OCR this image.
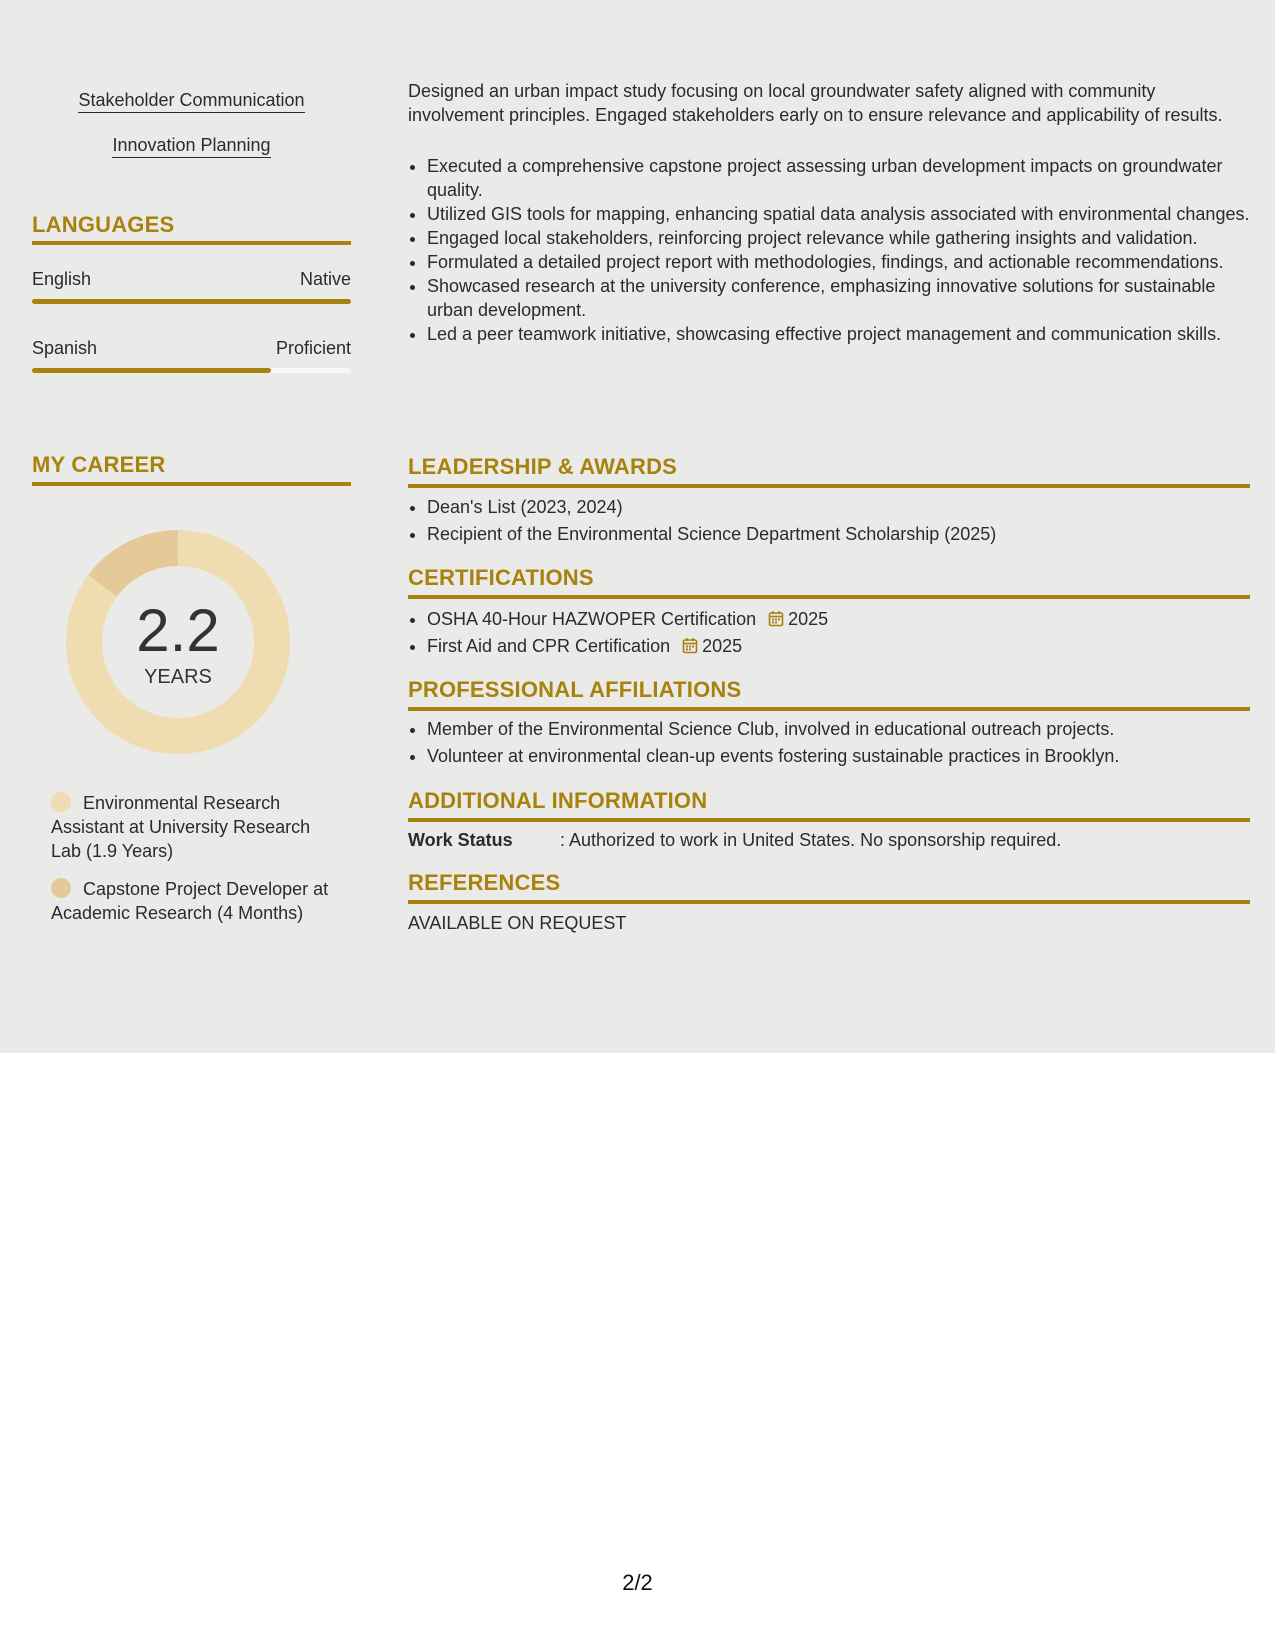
Stakeholder Communication
Innovation Planning
LANGUAGES
English	Native
Spanish	Proficient
MY CAREER
2.2
YEARS
Environmental Research Assistant at University Research Lab (1.9 Years)
Capstone Project Developer at Academic Research (4 Months)

Designed an urban impact study focusing on local groundwater safety aligned with community involvement principles. Engaged stakeholders early on to ensure relevance and applicability of results.

• Executed a comprehensive capstone project assessing urban development impacts on groundwater quality.
• Utilized GIS tools for mapping, enhancing spatial data analysis associated with environmental changes.
• Engaged local stakeholders, reinforcing project relevance while gathering insights and validation.
• Formulated a detailed project report with methodologies, findings, and actionable recommendations.
• Showcased research at the university conference, emphasizing innovative solutions for sustainable urban development.
• Led a peer teamwork initiative, showcasing effective project management and communication skills.
LEADERSHIP & AWARDS
• Dean's List (2023, 2024)
• Recipient of the Environmental Science Department Scholarship (2025)
CERTIFICATIONS
• OSHA 40-Hour HAZWOPER Certification 2025
• First Aid and CPR Certification 2025
PROFESSIONAL AFFILIATIONS
• Member of the Environmental Science Club, involved in educational outreach projects.
• Volunteer at environmental clean-up events fostering sustainable practices in Brooklyn.
ADDITIONAL INFORMATION
Work Status	: Authorized to work in United States. No sponsorship required.
REFERENCES
AVAILABLE ON REQUEST
2/2
